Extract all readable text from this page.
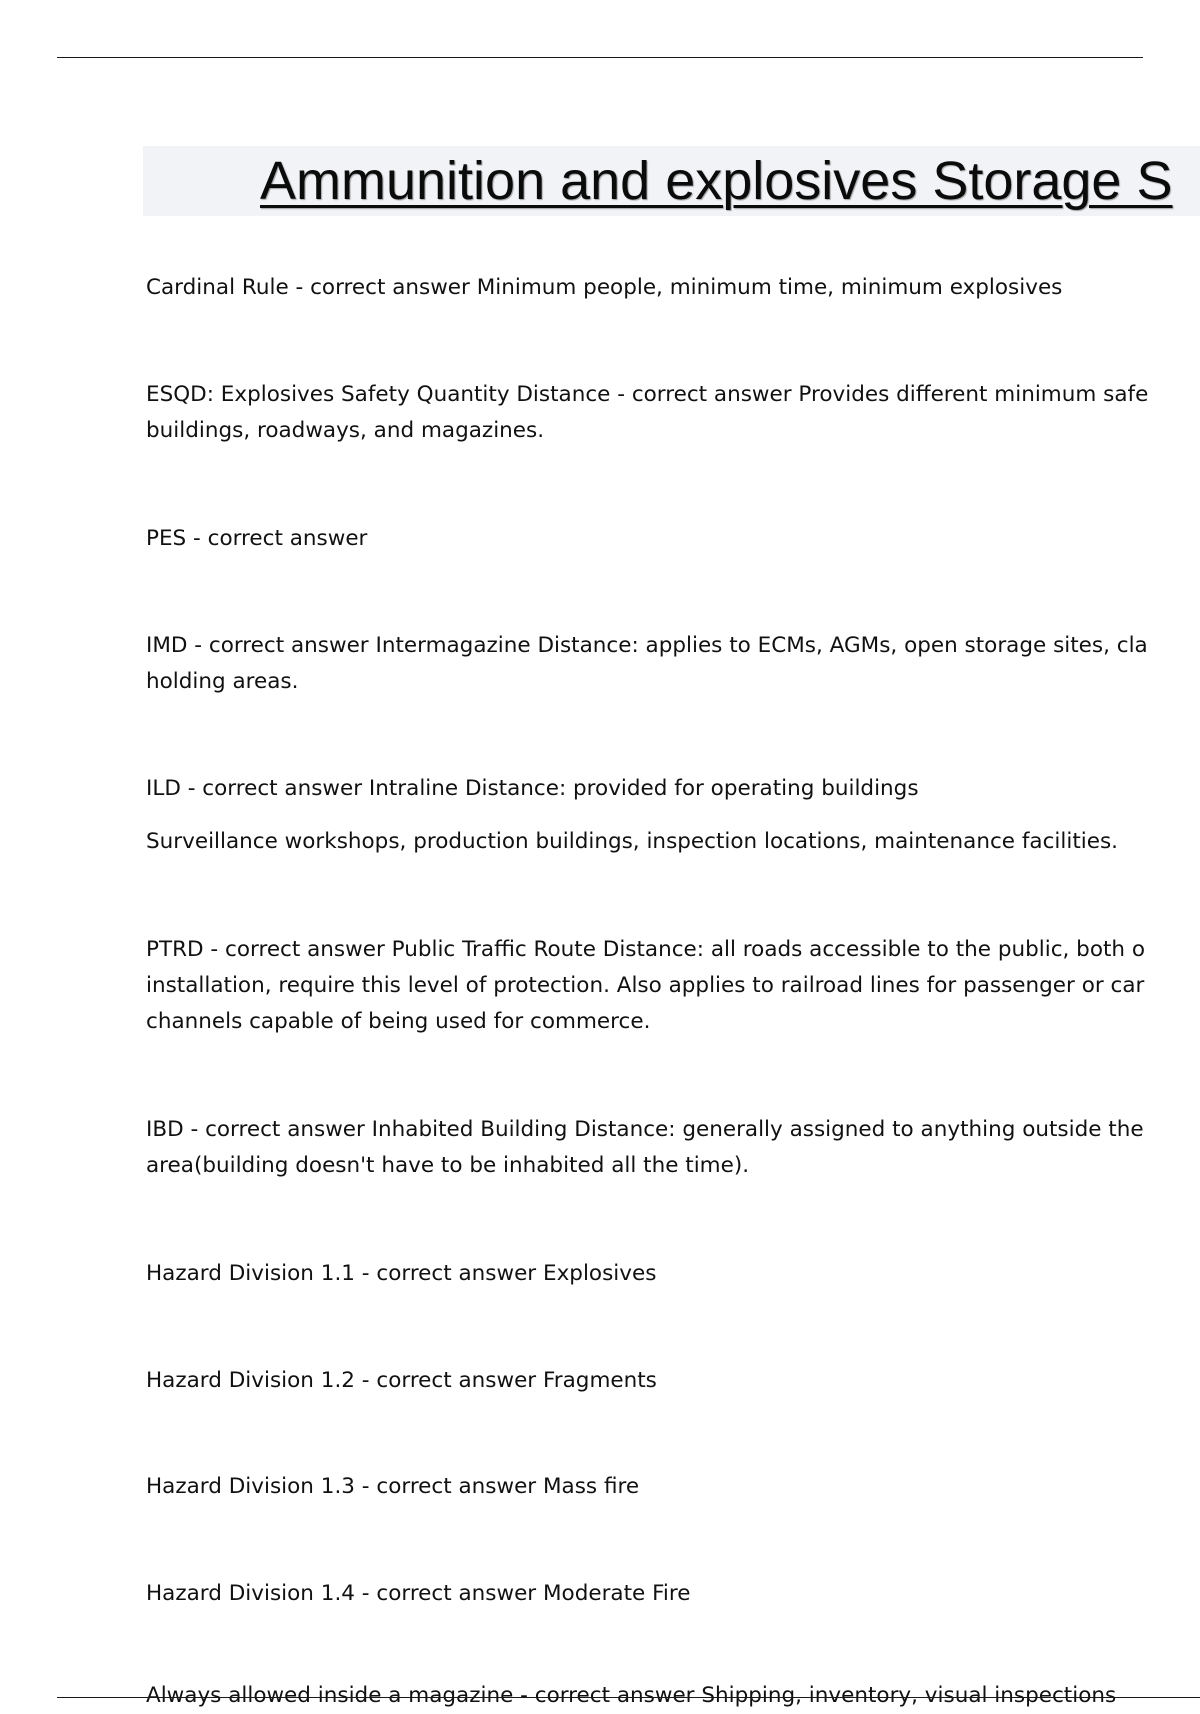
Ammunition and explosives Storage S

Cardinal Rule - correct answer Minimum people, minimum time, minimum explosives

ESQD: Explosives Safety Quantity Distance - correct answer Provides different minimum safe
buildings, roadways, and magazines.

PES - correct answer

IMD - correct answer Intermagazine Distance: applies to ECMs, AGMs, open storage sites, cla
holding areas.

ILD - correct answer Intraline Distance: provided for operating buildings

Surveillance workshops, production buildings, inspection locations, maintenance facilities.

PTRD - correct answer Public Traffic Route Distance: all roads accessible to the public, both o
installation, require this level of protection. Also applies to railroad lines for passenger or car
channels capable of being used for commerce.

IBD - correct answer Inhabited Building Distance: generally assigned to anything outside the
area(building doesn't have to be inhabited all the time).

Hazard Division 1.1 - correct answer Explosives

Hazard Division 1.2 - correct answer Fragments

Hazard Division 1.3 - correct answer Mass fire

Hazard Division 1.4 - correct answer Moderate Fire

Always allowed inside a magazine - correct answer Shipping, inventory, visual inspections
